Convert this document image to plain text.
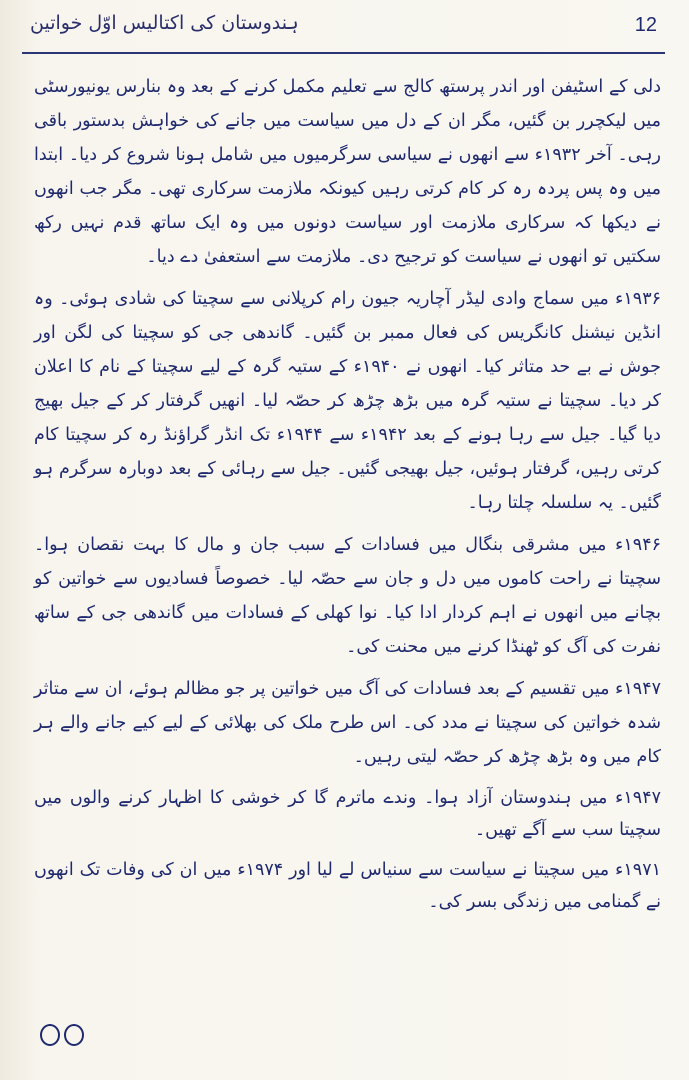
ہندوستان کی اکتالیس اوّل خواتین	12

دلی کے اسٹیفن اور اندر پرستھ کالج سے تعلیم مکمل کرنے کے بعد وہ بنارس یونیورسٹی میں لیکچرر بن گئیں، مگر ان کے دل میں سیاست میں جانے کی خواہش بدستور باقی رہی۔ آخر ۱۹۳۲ء سے انھوں نے سیاسی سرگرمیوں میں شامل ہونا شروع کر دیا۔ ابتدا میں وہ پس پردہ رہ کر کام کرتی رہیں کیونکہ ملازمت سرکاری تھی۔ مگر جب انھوں نے دیکھا کہ سرکاری ملازمت اور سیاست دونوں میں وہ ایک ساتھ قدم نہیں رکھ سکتیں تو انھوں نے سیاست کو ترجیح دی۔ ملازمت سے استعفیٰ دے دیا۔

۱۹۳۶ء میں سماج وادی لیڈر آچاریہ جیون رام کرپلانی سے سچیتا کی شادی ہوئی۔ وہ انڈین نیشنل کانگریس کی فعال ممبر بن گئیں۔ گاندھی جی کو سچیتا کی لگن اور جوش نے بے حد متاثر کیا۔ انھوں نے ۱۹۴۰ء کے ستیہ گرہ کے لیے سچیتا کے نام کا اعلان کر دیا۔ سچیتا نے ستیہ گرہ میں بڑھ چڑھ کر حصّہ لیا۔ انھیں گرفتار کر کے جیل بھیج دیا گیا۔ جیل سے رہا ہونے کے بعد ۱۹۴۲ء سے ۱۹۴۴ء تک انڈر گراؤنڈ رہ کر سچیتا کام کرتی رہیں، گرفتار ہوئیں، جیل بھیجی گئیں۔ جیل سے رہائی کے بعد دوبارہ سرگرم ہو گئیں۔ یہ سلسلہ چلتا رہا۔

۱۹۴۶ء میں مشرقی بنگال میں فسادات کے سبب جان و مال کا بہت نقصان ہوا۔ سچیتا نے راحت کاموں میں دل و جان سے حصّہ لیا۔ خصوصاً فسادیوں سے خواتین کو بچانے میں انھوں نے اہم کردار ادا کیا۔ نوا کھلی کے فسادات میں گاندھی جی کے ساتھ نفرت کی آگ کو ٹھنڈا کرنے میں محنت کی۔

۱۹۴۷ء میں تقسیم کے بعد فسادات کی آگ میں خواتین پر جو مظالم ہوئے، ان سے متاثر شدہ خواتین کی سچیتا نے مدد کی۔ اس طرح ملک کی بھلائی کے لیے کیے جانے والے ہر کام میں وہ بڑھ چڑھ کر حصّہ لیتی رہیں۔

۱۹۴۷ء میں ہندوستان آزاد ہوا۔ وندے ماترم گا کر خوشی کا اظہار کرنے والوں میں سچیتا سب سے آگے تھیں۔

۱۹۷۱ء میں سچیتا نے سیاست سے سنیاس لے لیا اور ۱۹۷۴ء میں ان کی وفات تک انھوں نے گمنامی میں زندگی بسر کی۔
